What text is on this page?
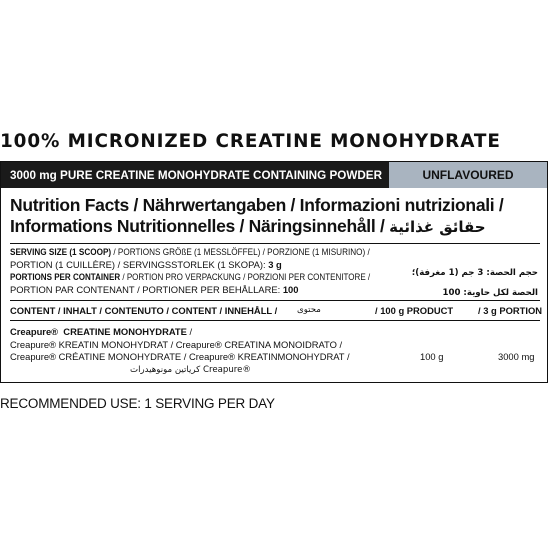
100% MICRONIZED CREATINE MONOHYDRATE
3000 mg PURE CREATINE MONOHYDRATE CONTAINING POWDER	UNFLAVOURED
Nutrition Facts / Nährwertangaben / Informazioni nutrizionali /
Informations Nutritionnelles / Näringsinnehåll / حقائق غذائية
SERVING SIZE (1 SCOOP) / PORTIONS GRÖßE (1 MESSLÖFFEL) / PORZIONE (1 MISURINO) /
PORTION (1 CUILLÈRE) / SERVINGSSTORLEK (1 SKOPA): 3 g
حجم الحصة: 3 جم (1 مغرفة)؛
PORTIONS PER CONTAINER / PORTION PRO VERPACKUNG / PORZIONI PER CONTENITORE /
PORTION PAR CONTENANT / PORTIONER PER BEHÅLLARE: 100	الحصة لكل حاوية: 100
CONTENT / INHALT / CONTENUTO / CONTENT / INNEHÅLL / محتوى	/ 100 g PRODUCT	/ 3 g PORTION
Creapure® CREATINE MONOHYDRATE /
Creapure® KREATIN MONOHYDRAT / Creapure® CREATINA MONOIDRATO /
Creapure® CRÉATINE MONOHYDRATE / Creapure® KREATINMONOHYDRAT /
®Creapure كرياتين مونوهيدرات
100 g	3000 mg
RECOMMENDED USE: 1 SERVING PER DAY
